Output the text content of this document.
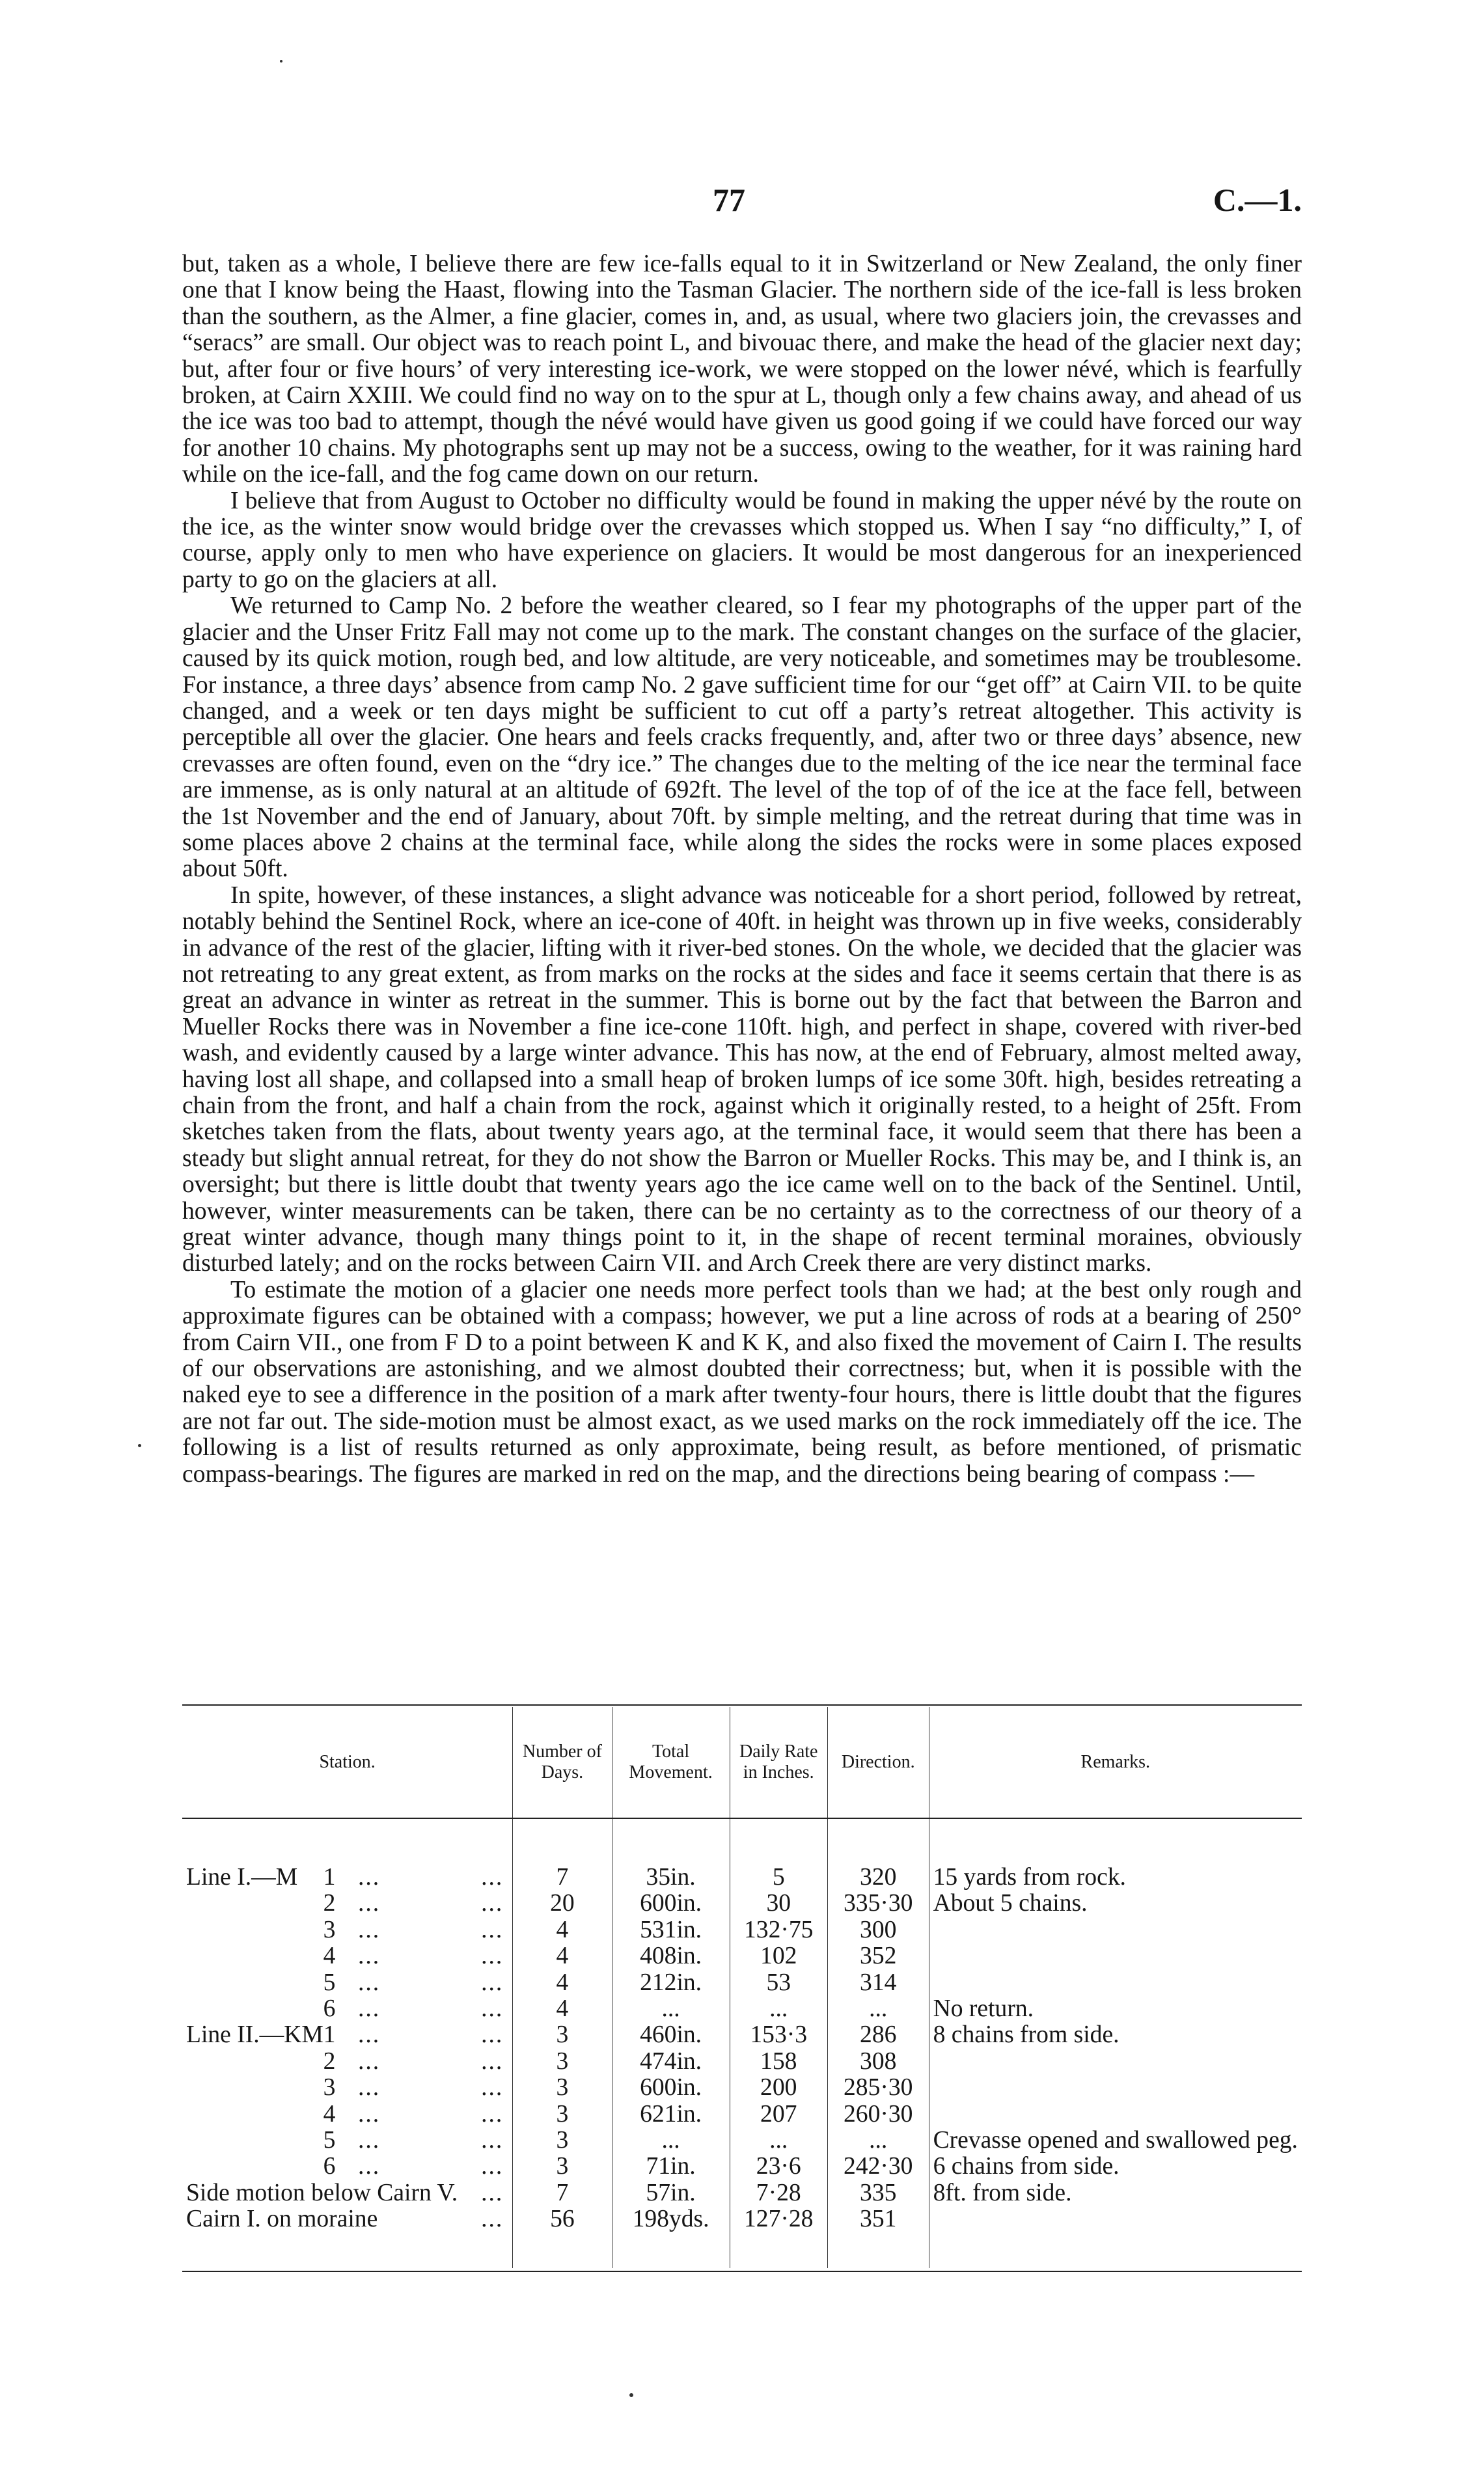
77	C.—1.

but, taken as a whole, I believe there are few ice-falls equal to it in Switzerland or New Zealand, the only finer one that I know being the Haast, flowing into the Tasman Glacier. The northern side of the ice-fall is less broken than the southern, as the Almer, a fine glacier, comes in, and, as usual, where two glaciers join, the crevasses and “seracs” are small. Our object was to reach point L, and bivouac there, and make the head of the glacier next day; but, after four or five hours’ of very interesting ice-work, we were stopped on the lower névé, which is fearfully broken, at Cairn XXIII. We could find no way on to the spur at L, though only a few chains away, and ahead of us the ice was too bad to attempt, though the névé would have given us good going if we could have forced our way for another 10 chains. My photographs sent up may not be a success, owing to the weather, for it was raining hard while on the ice-fall, and the fog came down on our return.

I believe that from August to October no difficulty would be found in making the upper névé by the route on the ice, as the winter snow would bridge over the crevasses which stopped us. When I say “no difficulty,” I, of course, apply only to men who have experience on glaciers. It would be most dangerous for an inexperienced party to go on the glaciers at all.

We returned to Camp No. 2 before the weather cleared, so I fear my photographs of the upper part of the glacier and the Unser Fritz Fall may not come up to the mark. The constant changes on the surface of the glacier, caused by its quick motion, rough bed, and low altitude, are very noticeable, and sometimes may be troublesome. For instance, a three days’ absence from camp No. 2 gave sufficient time for our “get off” at Cairn VII. to be quite changed, and a week or ten days might be sufficient to cut off a party’s retreat altogether. This activity is perceptible all over the glacier. One hears and feels cracks frequently, and, after two or three days’ absence, new crevasses are often found, even on the “dry ice.” The changes due to the melting of the ice near the terminal face are immense, as is only natural at an altitude of 692ft. The level of the top of of the ice at the face fell, between the 1st November and the end of January, about 70ft. by simple melting, and the retreat during that time was in some places above 2 chains at the terminal face, while along the sides the rocks were in some places exposed about 50ft.

In spite, however, of these instances, a slight advance was noticeable for a short period, followed by retreat, notably behind the Sentinel Rock, where an ice-cone of 40ft. in height was thrown up in five weeks, considerably in advance of the rest of the glacier, lifting with it river-bed stones. On the whole, we decided that the glacier was not retreating to any great extent, as from marks on the rocks at the sides and face it seems certain that there is as great an advance in winter as retreat in the summer. This is borne out by the fact that between the Barron and Mueller Rocks there was in November a fine ice-cone 110ft. high, and perfect in shape, covered with river-bed wash, and evidently caused by a large winter advance. This has now, at the end of February, almost melted away, having lost all shape, and collapsed into a small heap of broken lumps of ice some 30ft. high, besides retreating a chain from the front, and half a chain from the rock, against which it originally rested, to a height of 25ft. From sketches taken from the flats, about twenty years ago, at the terminal face, it would seem that there has been a steady but slight annual retreat, for they do not show the Barron or Mueller Rocks. This may be, and I think is, an oversight; but there is little doubt that twenty years ago the ice came well on to the back of the Sentinel. Until, however, winter measurements can be taken, there can be no certainty as to the correctness of our theory of a great winter advance, though many things point to it, in the shape of recent terminal moraines, obviously disturbed lately; and on the rocks between Cairn VII. and Arch Creek there are very distinct marks.

To estimate the motion of a glacier one needs more perfect tools than we had; at the best only rough and approximate figures can be obtained with a compass; however, we put a line across of rods at a bearing of 250° from Cairn VII., one from F D to a point between K and K K, and also fixed the movement of Cairn I. The results of our observations are astonishing, and we almost doubted their correctness; but, when it is possible with the naked eye to see a difference in the position of a mark after twenty-four hours, there is little doubt that the figures are not far out. The side-motion must be almost exact, as we used marks on the rock immediately off the ice. The following is a list of results returned as only approximate, being result, as before mentioned, of prismatic compass-bearings. The figures are marked in red on the map, and the directions being bearing of compass :—

Station.	Number of Days.	Total Movement.	Daily Rate in Inches.	Direction.	Remarks.

Line I.—M 1 ... ...	7	35in.	5	320	15 yards from rock.
2 ... ...	20	600in.	30	335·30	About 5 chains.
3 ... ...	4	531in.	132·75	300	
4 ... ...	4	408in.	102	352	
5 ... ...	4	212in.	53	314	
6 ... ...	4	...	...	...	No return.
Line II.—KM1 ... ...	3	460in.	153·3	286	8 chains from side.
2 ... ...	3	474in.	158	308	
3 ... ...	3	600in.	200	285·30	
4 ... ...	3	621in.	207	260·30	
5 ... ...	3	...	...	...	Crevasse opened and swallowed peg.
6 ... ...	3	71in.	23·6	242·30	6 chains from side.
Side motion below Cairn V. ...	7	57in.	7·28	335	8ft. from side.
Cairn I. on moraine ...	56	198yds.	127·28	351	
